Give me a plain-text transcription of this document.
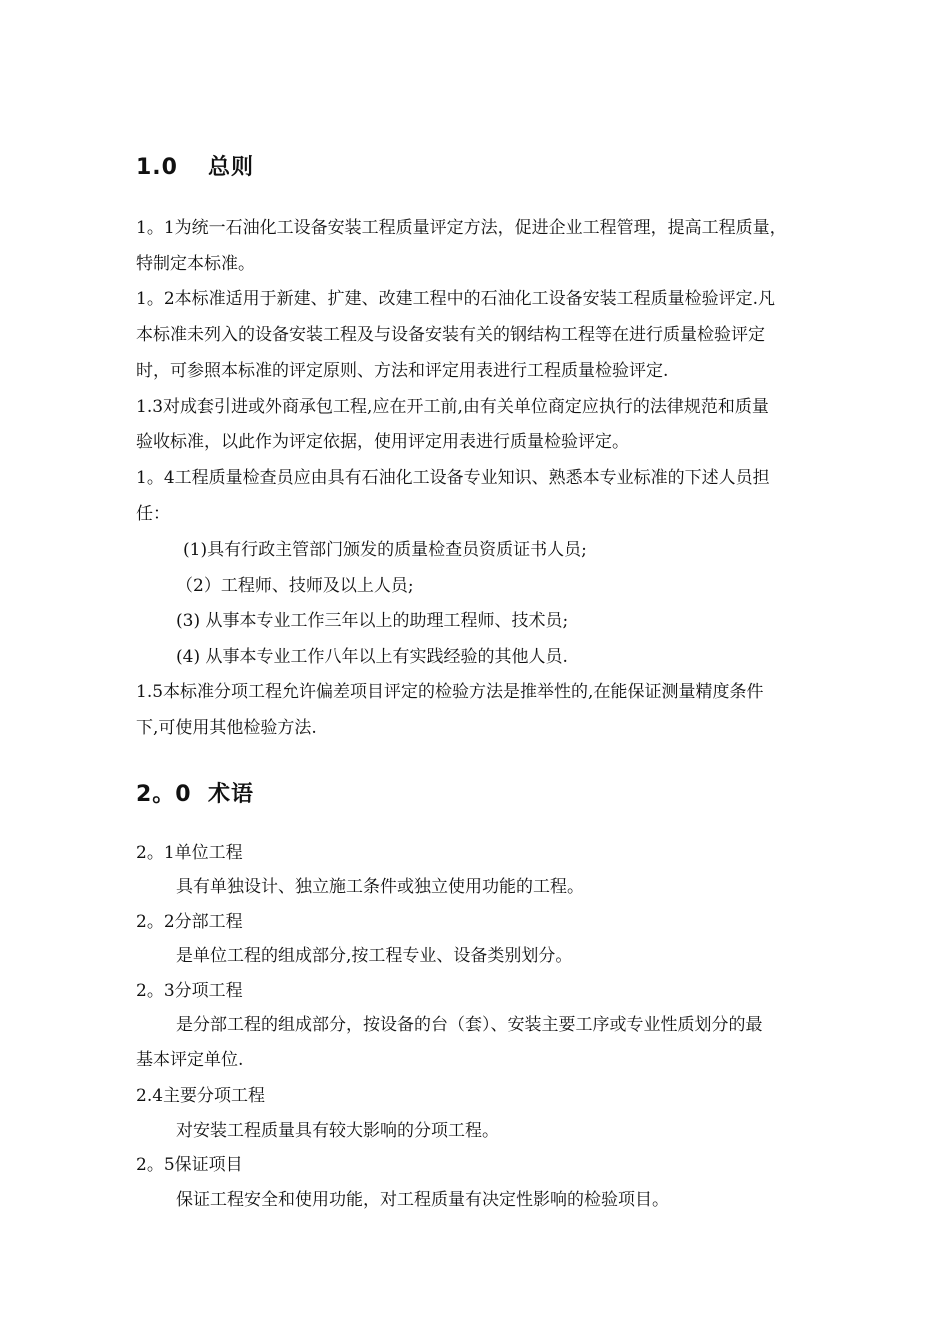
1.0 总则
1。1为统一石油化工设备安装工程质量评定方法，促进企业工程管理，提高工程质量，
特制定本标准。
1。2本标准适用于新建、扩建、改建工程中的石油化工设备安装工程质量检验评定.凡
本标准未列入的设备安装工程及与设备安装有关的钢结构工程等在进行质量检验评定
时，可参照本标准的评定原则、方法和评定用表进行工程质量检验评定.
1.3对成套引进或外商承包工程,应在开工前,由有关单位商定应执行的法律规范和质量
验收标准，以此作为评定依据，使用评定用表进行质量检验评定。
1。4工程质量检查员应由具有石油化工设备专业知识、熟悉本专业标准的下述人员担
任：
(1)具有行政主管部门颁发的质量检查员资质证书人员;
（2）工程师、技师及以上人员;
(3) 从事本专业工作三年以上的助理工程师、技术员;
(4) 从事本专业工作八年以上有实践经验的其他人员.
1.5本标准分项工程允许偏差项目评定的检验方法是推举性的,在能保证测量精度条件
下,可使用其他检验方法.
2。0 术语
2。1单位工程
具有单独设计、独立施工条件或独立使用功能的工程。
2。2分部工程
是单位工程的组成部分,按工程专业、设备类别划分。
2。3分项工程
是分部工程的组成部分，按设备的台（套）、安装主要工序或专业性质划分的最
基本评定单位.
2.4主要分项工程
对安装工程质量具有较大影响的分项工程。
2。5保证项目
保证工程安全和使用功能，对工程质量有决定性影响的检验项目。
